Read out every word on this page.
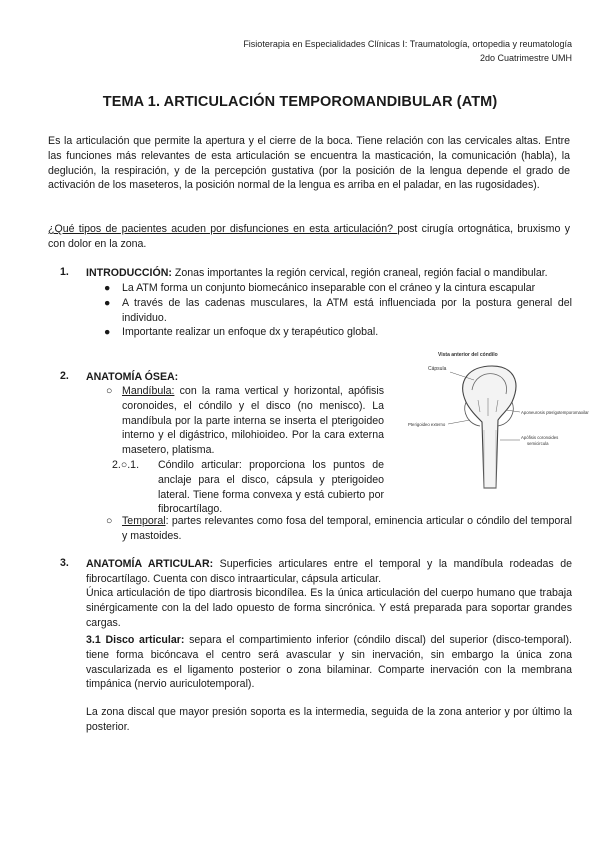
Fisioterapia en Especialidades Clínicas I: Traumatología, ortopedia y reumatología
2do Cuatrimestre UMH
TEMA 1. ARTICULACIÓN TEMPOROMANDIBULAR (ATM)
Es la articulación que permite la apertura y el cierre de la boca. Tiene relación con las cervicales altas. Entre las funciones más relevantes de esta articulación se encuentra la masticación, la comunicación (habla), la deglución, la respiración, y de la percepción gustativa (por la posición de la lengua depende el grado de activación de los maseteros, la posición normal de la lengua es arriba en el paladar, en las rugosidades).
¿Qué tipos de pacientes acuden por disfunciones en esta articulación? post cirugía ortognática, bruxismo y con dolor en la zona.
1. INTRODUCCIÓN: Zonas importantes la región cervical, región craneal, región facial o mandibular.
● La ATM forma un conjunto biomecánico inseparable con el cráneo y la cintura escapular
● A través de las cadenas musculares, la ATM está influenciada por la postura general del individuo.
● Importante realizar un enfoque dx y terapéutico global.
2. ANATOMÍA ÓSEA:
○ Mandíbula: con la rama vertical y horizontal, apófisis coronoides, el cóndilo y el disco (no menisco). La mandíbula por la parte interna se inserta el pterigoideo interno y el digástrico, milohioideo. Por la cara externa masetero, platisma.
2.○.1. Cóndilo articular: proporciona los puntos de anclaje para el disco, cápsula y pterigoideo lateral. Tiene forma convexa y está cubierto por fibrocartílago.
○ Temporal: partes relevantes como fosa del temporal, eminencia articular o cóndilo del temporal y mastoides.
Vista anterior del cóndilo
Cápsula
Pterigoideo externo
Aponeurosis pterigotemporomaxilar
Apófisis coronoides
semicircula
3. ANATOMÍA ARTICULAR: Superficies articulares entre el temporal y la mandíbula rodeadas de fibrocartílago. Cuenta con disco intraarticular, cápsula articular.
Única articulación de tipo diartrosis bicondílea. Es la única articulación del cuerpo humano que trabaja sinérgicamente con la del lado opuesto de forma sincrónica. Y está preparada para soportar grandes cargas.
3.1 Disco articular: separa el compartimiento inferior (cóndilo discal) del superior (disco-temporal). tiene forma bicóncava el centro será avascular y sin inervación, sin embargo la única zona vascularizada es el ligamento posterior o zona bilaminar. Comparte inervación con la membrana timpánica (nervio auriculotemporal).
La zona discal que mayor presión soporta es la intermedia, seguida de la zona anterior y por último la posterior.
